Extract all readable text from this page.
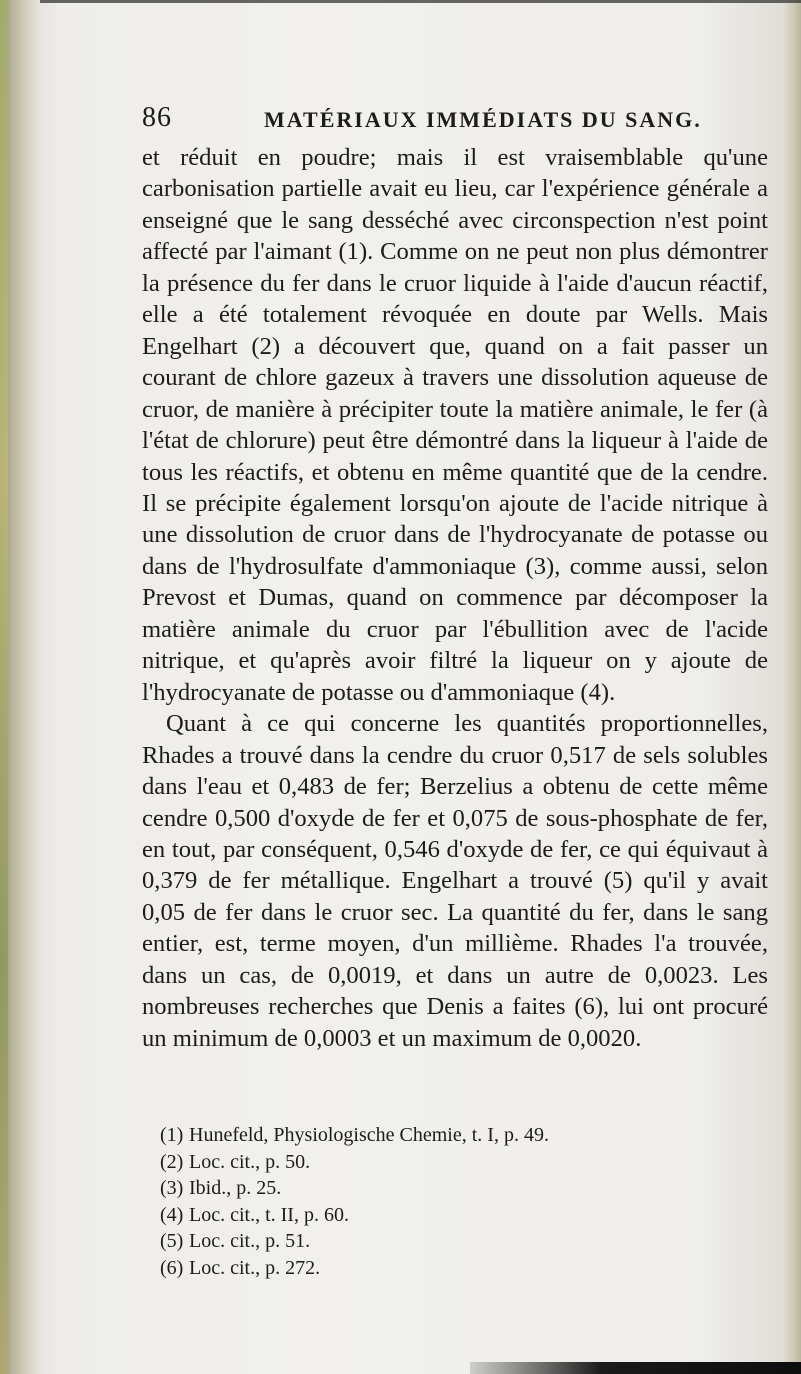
86	MATÉRIAUX IMMÉDIATS DU SANG.

et réduit en poudre; mais il est vraisemblable qu'une carbonisation partielle avait eu lieu, car l'expérience générale a enseigné que le sang desséché avec circonspection n'est point affecté par l'aimant (1). Comme on ne peut non plus démontrer la présence du fer dans le cruor liquide à l'aide d'aucun réactif, elle a été totalement révoquée en doute par Wells. Mais Engelhart (2) a découvert que, quand on a fait passer un courant de chlore gazeux à travers une dissolution aqueuse de cruor, de manière à précipiter toute la matière animale, le fer (à l'état de chlorure) peut être démontré dans la liqueur à l'aide de tous les réactifs, et obtenu en même quantité que de la cendre. Il se précipite également lorsqu'on ajoute de l'acide nitrique à une dissolution de cruor dans de l'hydrocyanate de potasse ou dans de l'hydrosulfate d'ammoniaque (3), comme aussi, selon Prevost et Dumas, quand on commence par décomposer la matière animale du cruor par l'ébullition avec de l'acide nitrique, et qu'après avoir filtré la liqueur on y ajoute de l'hydrocyanate de potasse ou d'ammoniaque (4).

Quant à ce qui concerne les quantités proportionnelles, Rhades a trouvé dans la cendre du cruor 0,517 de sels solubles dans l'eau et 0,483 de fer; Berzelius a obtenu de cette même cendre 0,500 d'oxyde de fer et 0,075 de sous-phosphate de fer, en tout, par conséquent, 0,546 d'oxyde de fer, ce qui équivaut à 0,379 de fer métallique. Engelhart a trouvé (5) qu'il y avait 0,05 de fer dans le cruor sec. La quantité du fer, dans le sang entier, est, terme moyen, d'un millième. Rhades l'a trouvée, dans un cas, de 0,0019, et dans un autre de 0,0023. Les nombreuses recherches que Denis a faites (6), lui ont procuré un minimum de 0,0003 et un maximum de 0,0020.

(1) Hunefeld, Physiologische Chemie, t. I, p. 49.
(2) Loc. cit., p. 50.
(3) Ibid., p. 25.
(4) Loc. cit., t. II, p. 60.
(5) Loc. cit., p. 51.
(6) Loc. cit., p. 272.
